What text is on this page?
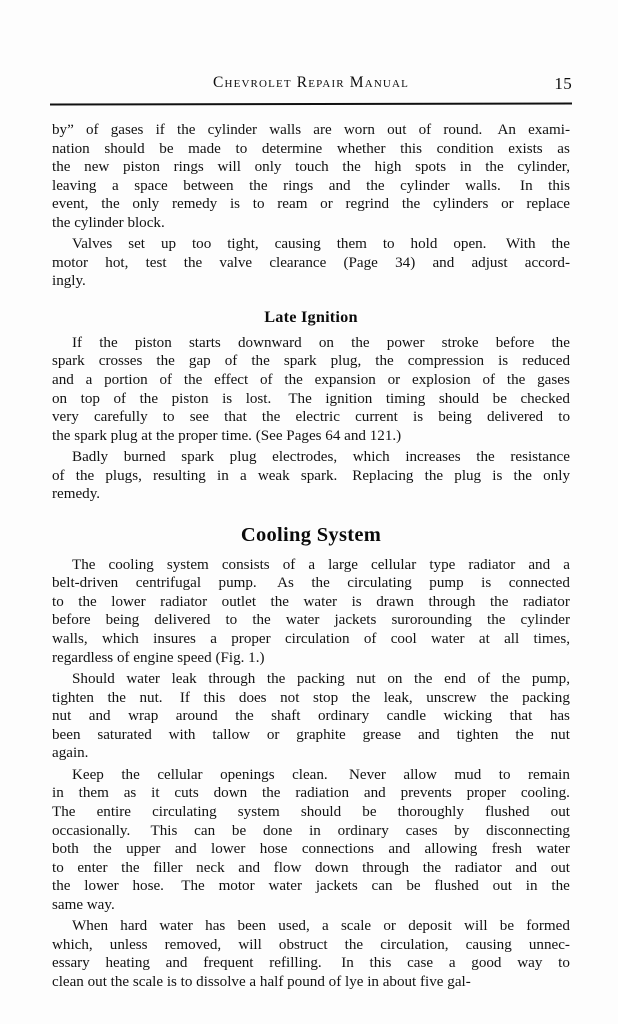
Chevrolet Repair Manual	15

by” of gases if the cylinder walls are worn out of round. An exami-
nation should be made to determine whether this condition exists as
the new piston rings will only touch the high spots in the cylinder,
leaving a space between the rings and the cylinder walls. In this
event, the only remedy is to ream or regrind the cylinders or replace
the cylinder block.

Valves set up too tight, causing them to hold open. With the
motor hot, test the valve clearance (Page 34) and adjust accord-
ingly.

Late Ignition

If the piston starts downward on the power stroke before the
spark crosses the gap of the spark plug, the compression is reduced
and a portion of the effect of the expansion or explosion of the gases
on top of the piston is lost. The ignition timing should be checked
very carefully to see that the electric current is being delivered to
the spark plug at the proper time. (See Pages 64 and 121.)

Badly burned spark plug electrodes, which increases the resistance
of the plugs, resulting in a weak spark. Replacing the plug is the only
remedy.

Cooling System

The cooling system consists of a large cellular type radiator and a
belt-driven centrifugal pump. As the circulating pump is connected
to the lower radiator outlet the water is drawn through the radiator
before being delivered to the water jackets surorounding the cylinder
walls, which insures a proper circulation of cool water at all times,
regardless of engine speed (Fig. 1.)

Should water leak through the packing nut on the end of the pump,
tighten the nut. If this does not stop the leak, unscrew the packing
nut and wrap around the shaft ordinary candle wicking that has
been saturated with tallow or graphite grease and tighten the nut
again.

Keep the cellular openings clean. Never allow mud to remain
in them as it cuts down the radiation and prevents proper cooling.
The entire circulating system should be thoroughly flushed out
occasionally. This can be done in ordinary cases by disconnecting
both the upper and lower hose connections and allowing fresh water
to enter the filler neck and flow down through the radiator and out
the lower hose. The motor water jackets can be flushed out in the
same way.

When hard water has been used, a scale or deposit will be formed
which, unless removed, will obstruct the circulation, causing unnec-
essary heating and frequent refilling. In this case a good way to
clean out the scale is to dissolve a half pound of lye in about five gal-
